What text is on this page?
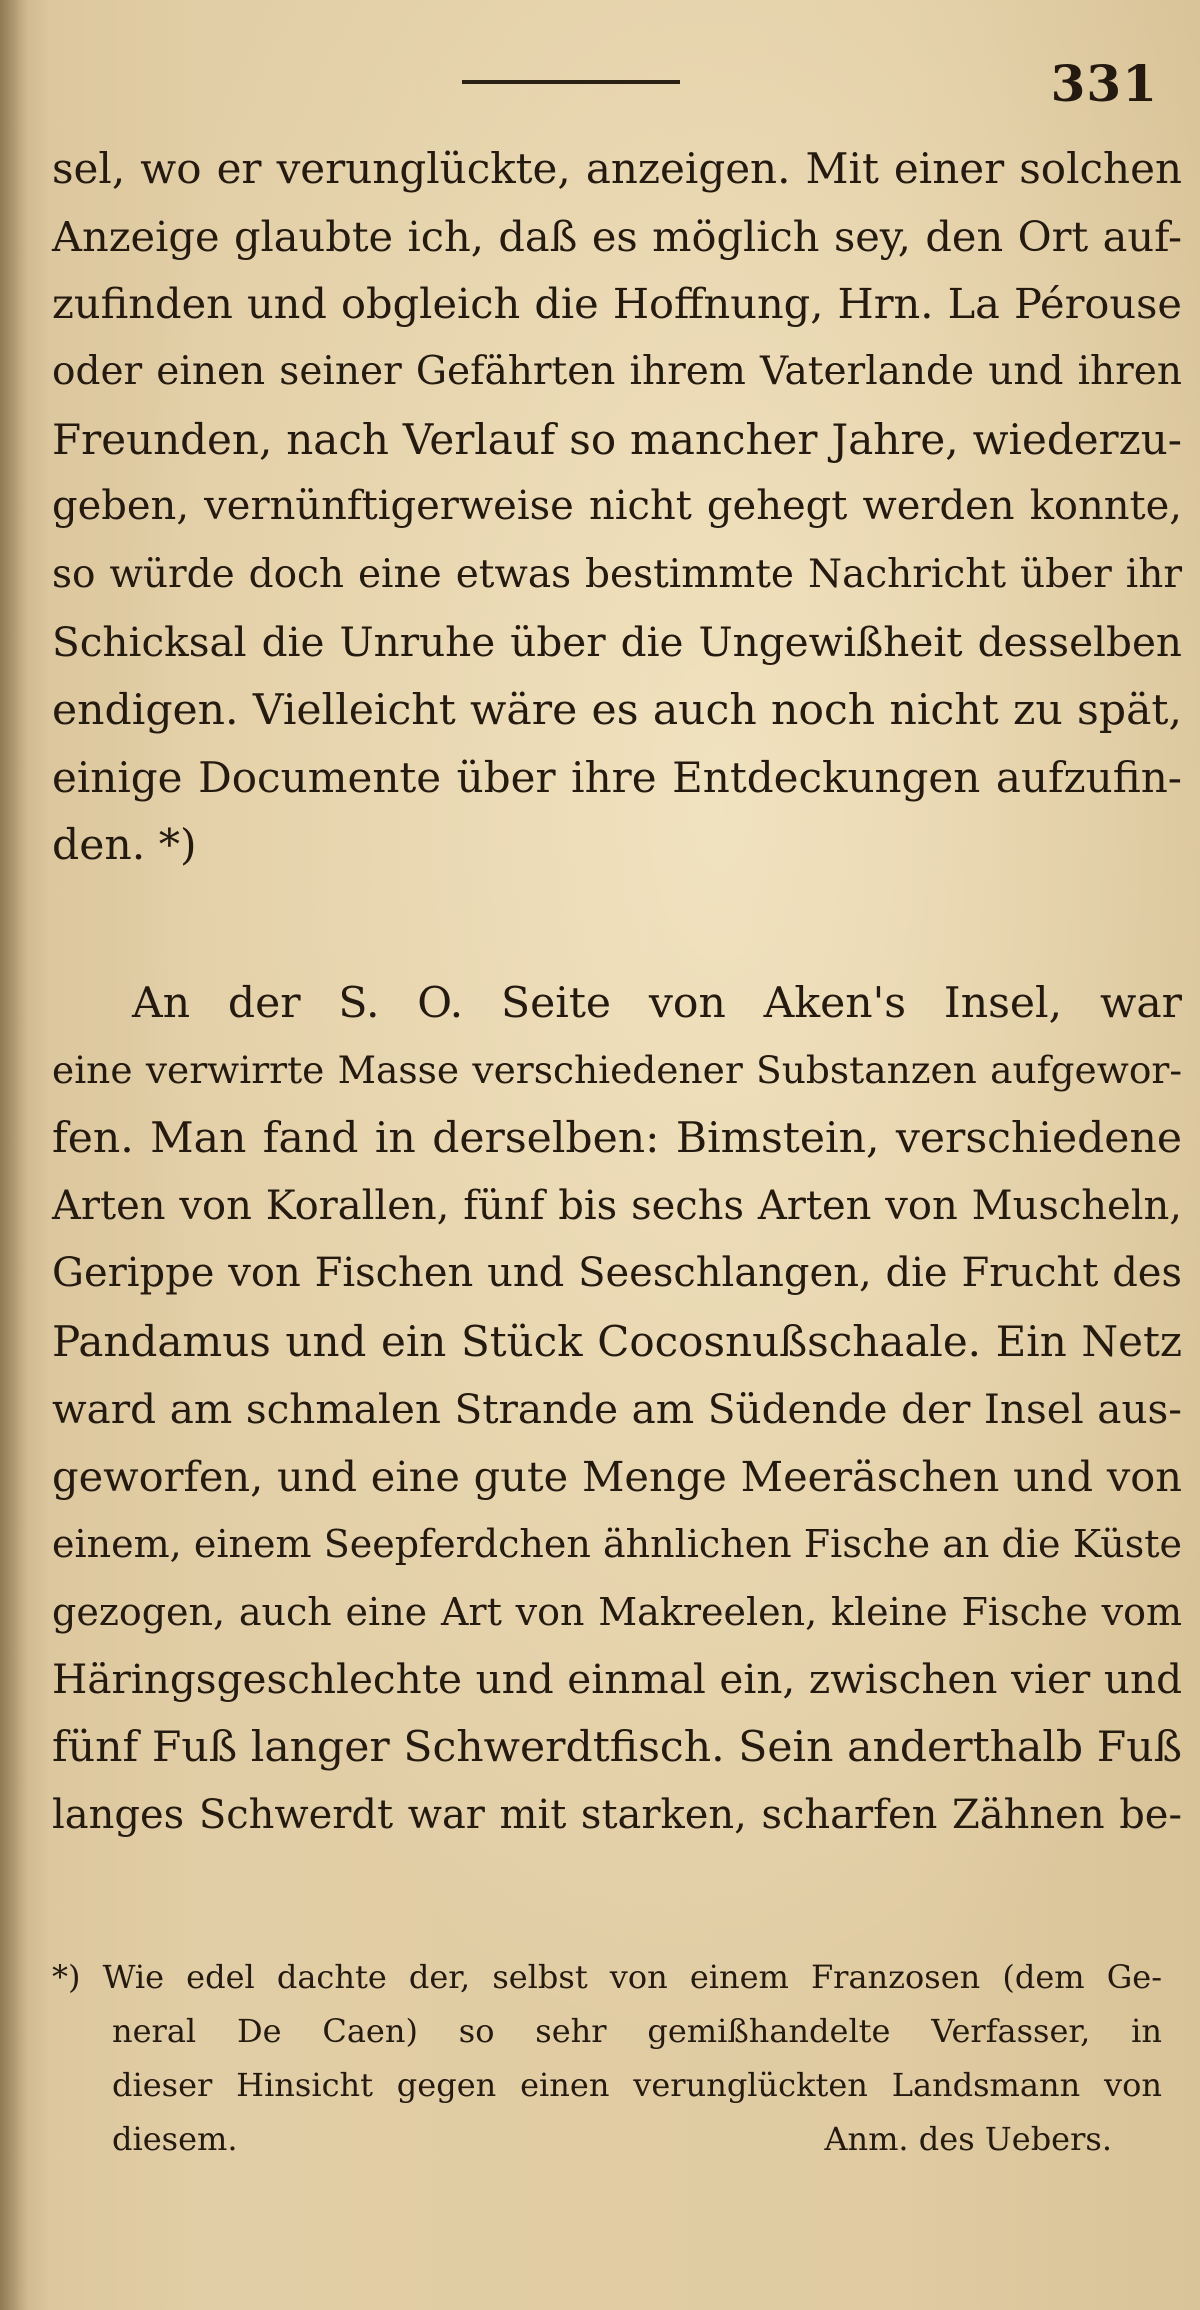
331
sel, wo er verunglückte, anzeigen. Mit einer solchen
Anzeige glaubte ich, daß es möglich sey, den Ort auf-
zufinden und obgleich die Hoffnung, Hrn. La Pérouse
oder einen seiner Gefährten ihrem Vaterlande und ihren
Freunden, nach Verlauf so mancher Jahre, wiederzu-
geben, vernünftigerweise nicht gehegt werden konnte,
so würde doch eine etwas bestimmte Nachricht über ihr
Schicksal die Unruhe über die Ungewißheit desselben
endigen. Vielleicht wäre es auch noch nicht zu spät,
einige Documente über ihre Entdeckungen aufzufin-
den. *)
An der S. O. Seite von Aken's Insel, war
eine verwirrte Masse verschiedener Substanzen aufgewor-
fen. Man fand in derselben: Bimstein, verschiedene
Arten von Korallen, fünf bis sechs Arten von Muscheln,
Gerippe von Fischen und Seeschlangen, die Frucht des
Pandamus und ein Stück Cocosnußschaale. Ein Netz
ward am schmalen Strande am Südende der Insel aus-
geworfen, und eine gute Menge Meeräschen und von
einem, einem Seepferdchen ähnlichen Fische an die Küste
gezogen, auch eine Art von Makreelen, kleine Fische vom
Häringsgeschlechte und einmal ein, zwischen vier und
fünf Fuß langer Schwerdtfisch. Sein anderthalb Fuß
langes Schwerdt war mit starken, scharfen Zähnen be-
*) Wie edel dachte der, selbst von einem Franzosen (dem Ge-
neral De Caen) so sehr gemißhandelte Verfasser, in
dieser Hinsicht gegen einen verunglückten Landsmann von
diesem.	Anm. des Uebers.
